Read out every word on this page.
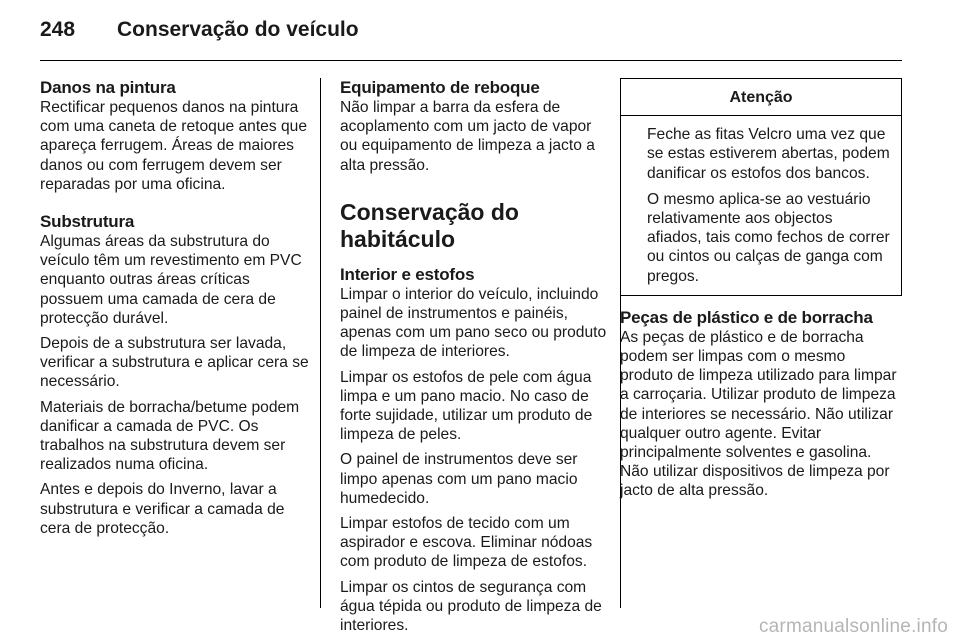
248 Conservação do veículo
Danos na pintura

Rectificar pequenos danos na pintura com uma caneta de retoque antes que apareça ferrugem. Áreas de maiores danos ou com ferrugem devem ser reparadas por uma oficina.

Substrutura

Algumas áreas da substrutura do veículo têm um revestimento em PVC enquanto outras áreas críticas possuem uma camada de cera de protecção durável.

Depois de a substrutura ser lavada, verificar a substrutura e aplicar cera se necessário.

Materiais de borracha/betume podem danificar a camada de PVC. Os trabalhos na substrutura devem ser realizados numa oficina.

Antes e depois do Inverno, lavar a substrutura e verificar a camada de cera de protecção.

Equipamento de reboque

Não limpar a barra da esfera de acoplamento com um jacto de vapor ou equipamento de limpeza a jacto a alta pressão.

Conservação do
habitáculo
Interior e estofos

Limpar o interior do veículo, incluindo painel de instrumentos e painéis, apenas com um pano seco ou produto de limpeza de interiores.

Limpar os estofos de pele com água limpa e um pano macio. No caso de forte sujidade, utilizar um produto de limpeza de peles.

O painel de instrumentos deve ser limpo apenas com um pano macio humedecido.

Limpar estofos de tecido com um aspirador e escova. Eliminar nódoas com produto de limpeza de estofos.

Limpar os cintos de segurança com água tépida ou produto de limpeza de interiores.

Atenção

Feche as fitas Velcro uma vez que se estas estiverem abertas, podem danificar os estofos dos bancos.

O mesmo aplica-se ao vestuário relativamente aos objectos afiados, tais como fechos de correr ou cintos ou calças de ganga com pregos.

Peças de plástico e de borracha

As peças de plástico e de borracha podem ser limpas com o mesmo produto de limpeza utilizado para limpar a carroçaria. Utilizar produto de limpeza de interiores se necessário. Não utilizar qualquer outro agente. Evitar principalmente solventes e gasolina. Não utilizar dispositivos de limpeza por jacto de alta pressão.

carmanualsonline.info
